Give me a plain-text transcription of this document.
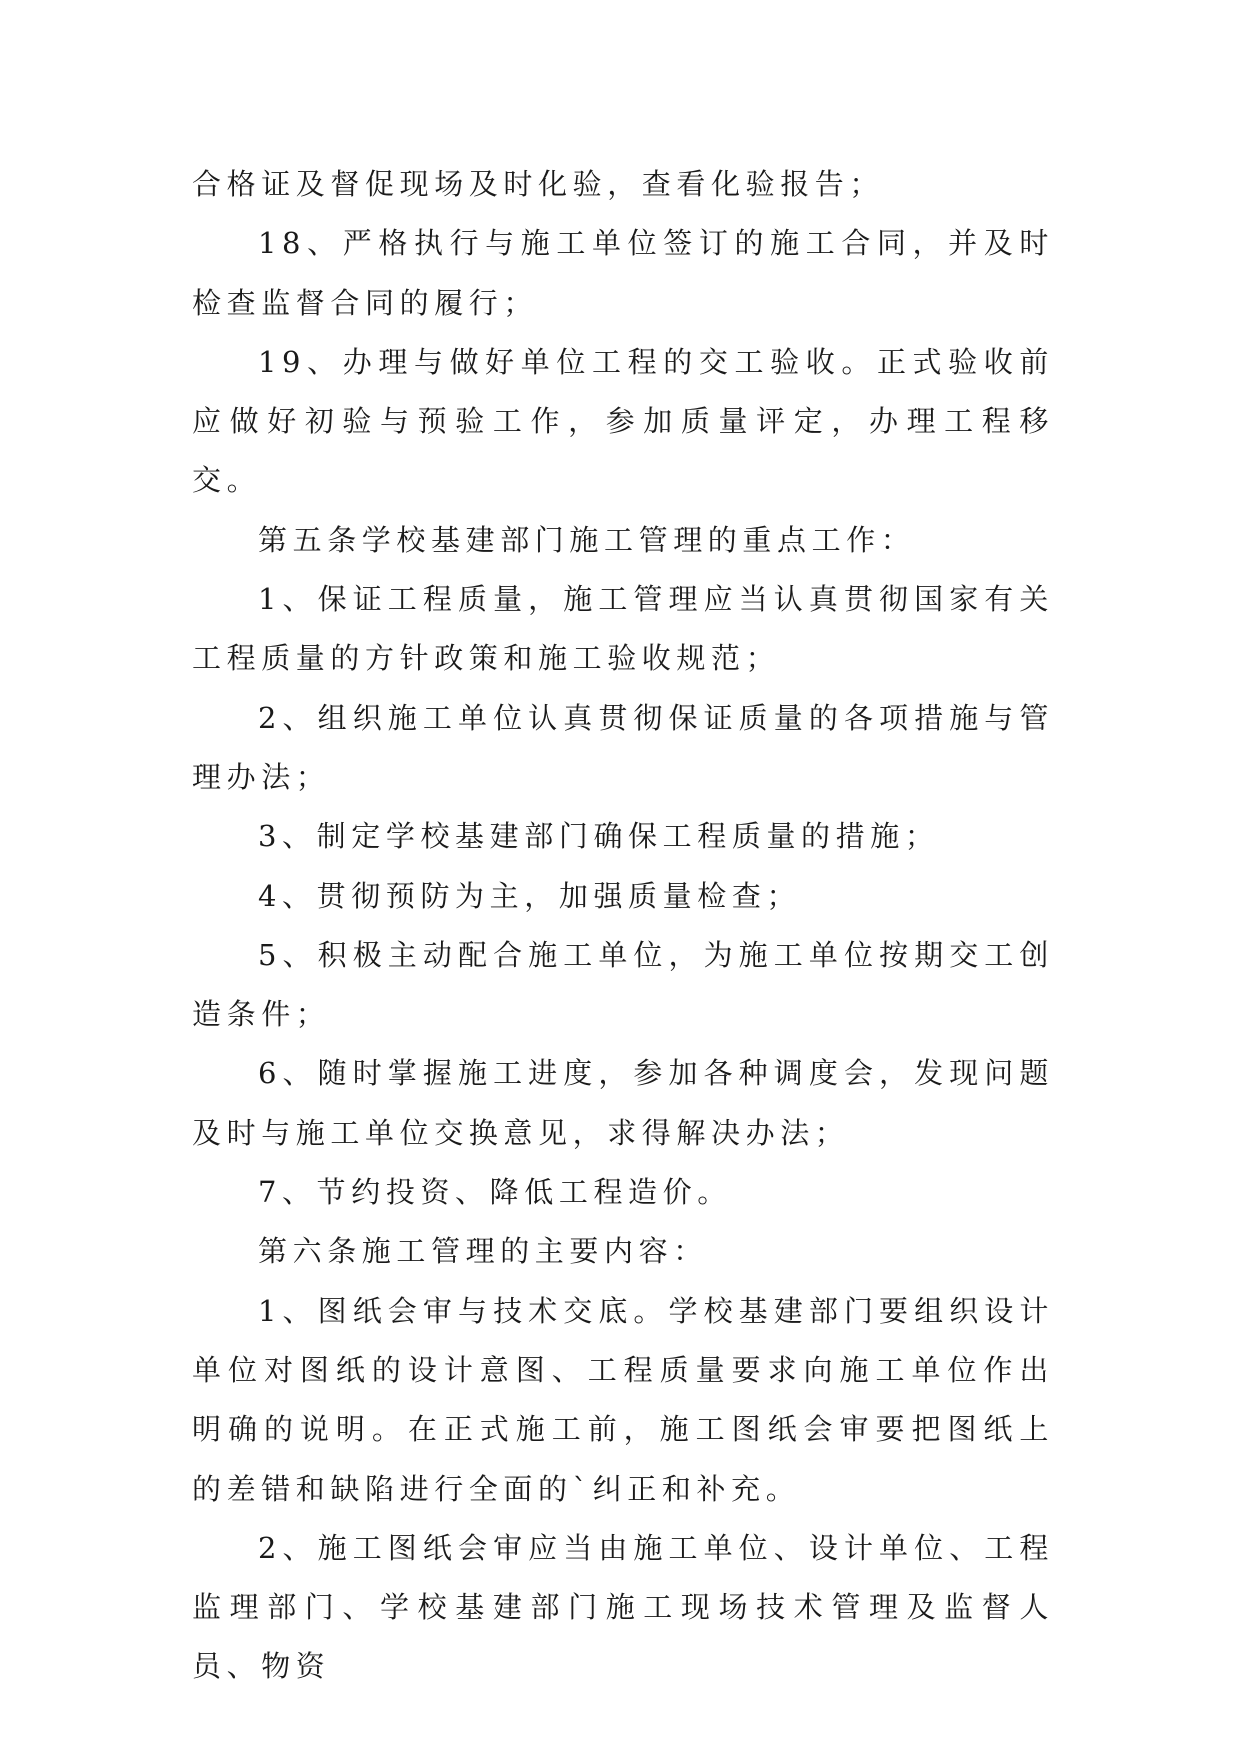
合格证及督促现场及时化验，查看化验报告；

18、严格执行与施工单位签订的施工合同，并及时检查监督合同的履行；

19、办理与做好单位工程的交工验收。正式验收前应做好初验与预验工作，参加质量评定，办理工程移交。

第五条学校基建部门施工管理的重点工作：

1、保证工程质量，施工管理应当认真贯彻国家有关工程质量的方针政策和施工验收规范；

2、组织施工单位认真贯彻保证质量的各项措施与管理办法；

3、制定学校基建部门确保工程质量的措施；

4、贯彻预防为主，加强质量检查；

5、积极主动配合施工单位，为施工单位按期交工创造条件；

6、随时掌握施工进度，参加各种调度会，发现问题及时与施工单位交换意见，求得解决办法；

7、节约投资、降低工程造价。

第六条施工管理的主要内容：

1、图纸会审与技术交底。学校基建部门要组织设计单位对图纸的设计意图、工程质量要求向施工单位作出明确的说明。在正式施工前，施工图纸会审要把图纸上的差错和缺陷进行全面的`纠正和补充。

2、施工图纸会审应当由施工单位、设计单位、工程监理部门、学校基建部门施工现场技术管理及监督人员、物资
